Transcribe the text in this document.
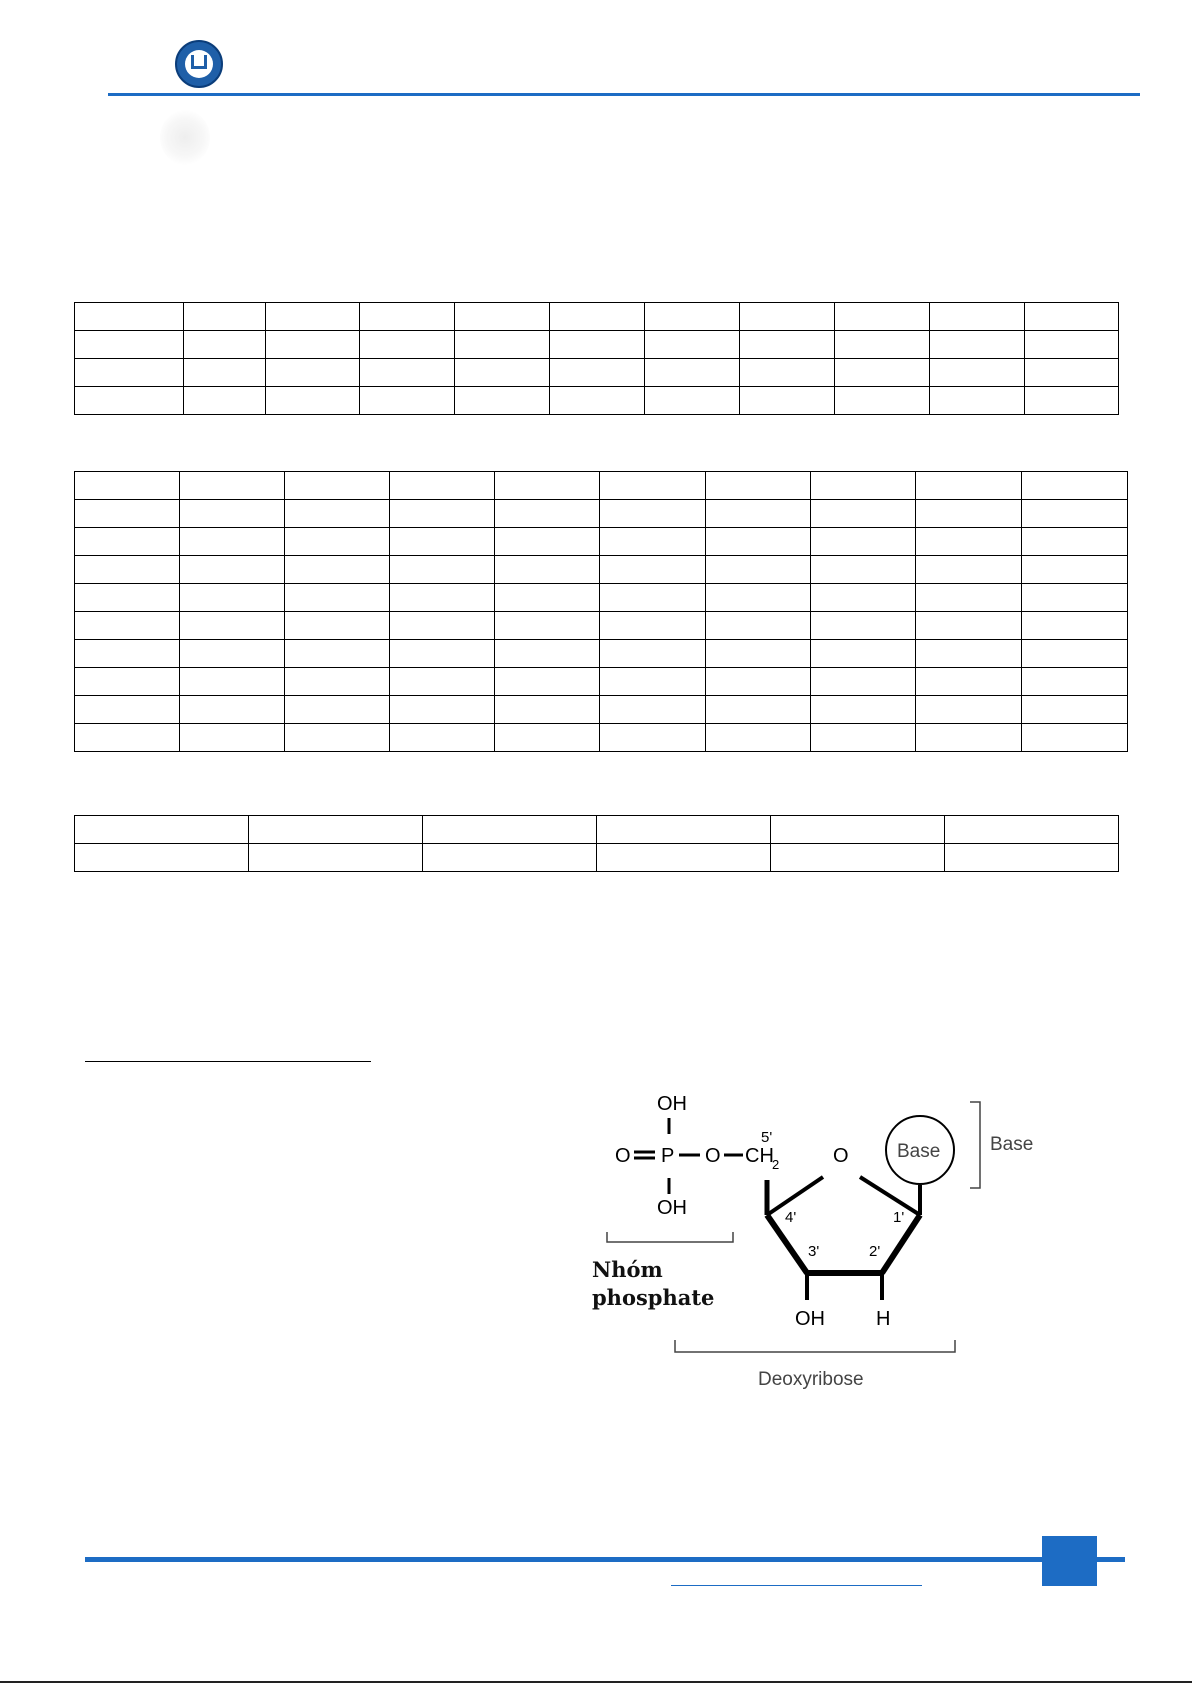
OH
O P O CH
2
OH
Nhóm
phosphate
O
OH	H
5'
4'
3'	2'
1'
Base	Base
Deoxyribose
